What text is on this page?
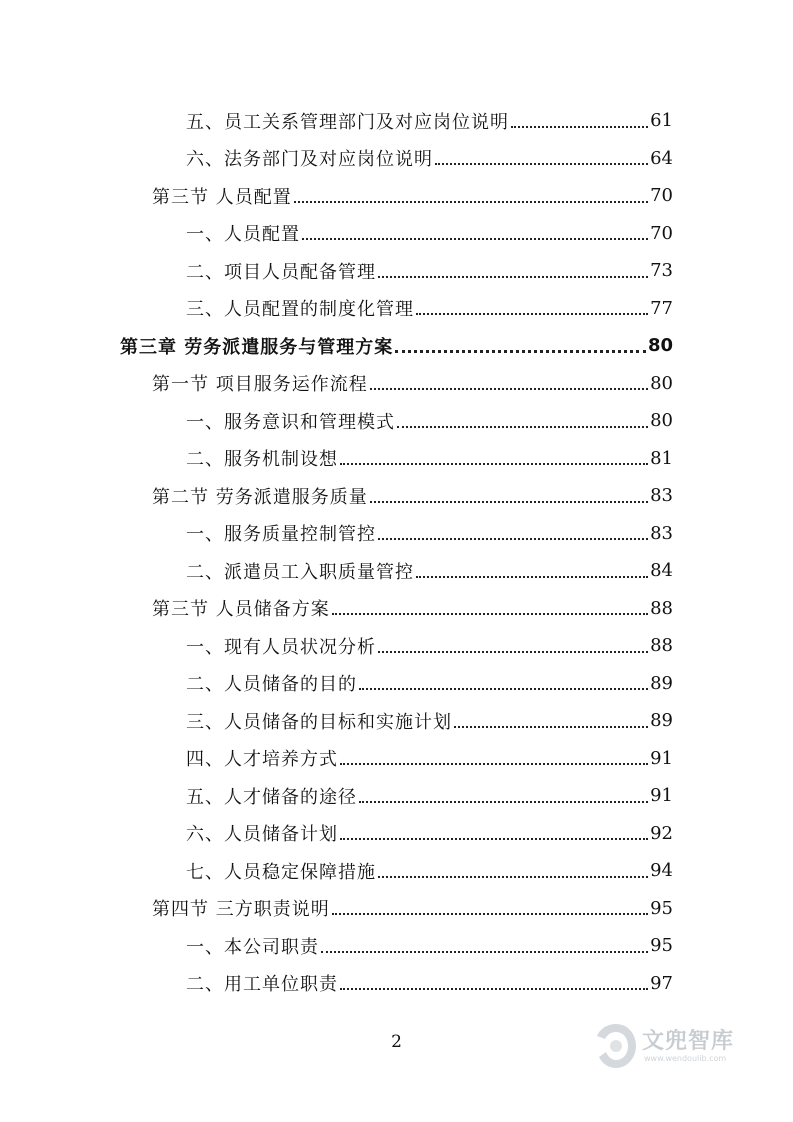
五、员工关系管理部门及对应岗位说明	61
六、法务部门及对应岗位说明	64
第三节 人员配置	70
一、人员配置	70
二、项目人员配备管理	73
三、人员配置的制度化管理	77
第三章 劳务派遣服务与管理方案	80
第一节 项目服务运作流程	80
一、服务意识和管理模式	80
二、服务机制设想	81
第二节 劳务派遣服务质量	83
一、服务质量控制管控	83
二、派遣员工入职质量管控	84
第三节 人员储备方案	88
一、现有人员状况分析	88
二、人员储备的目的	89
三、人员储备的目标和实施计划	89
四、人才培养方式	91
五、人才储备的途径	91
六、人员储备计划	92
七、人员稳定保障措施	94
第四节 三方职责说明	95
一、本公司职责	95
二、用工单位职责	97
2	文兜智库
www.wendoulib.com
